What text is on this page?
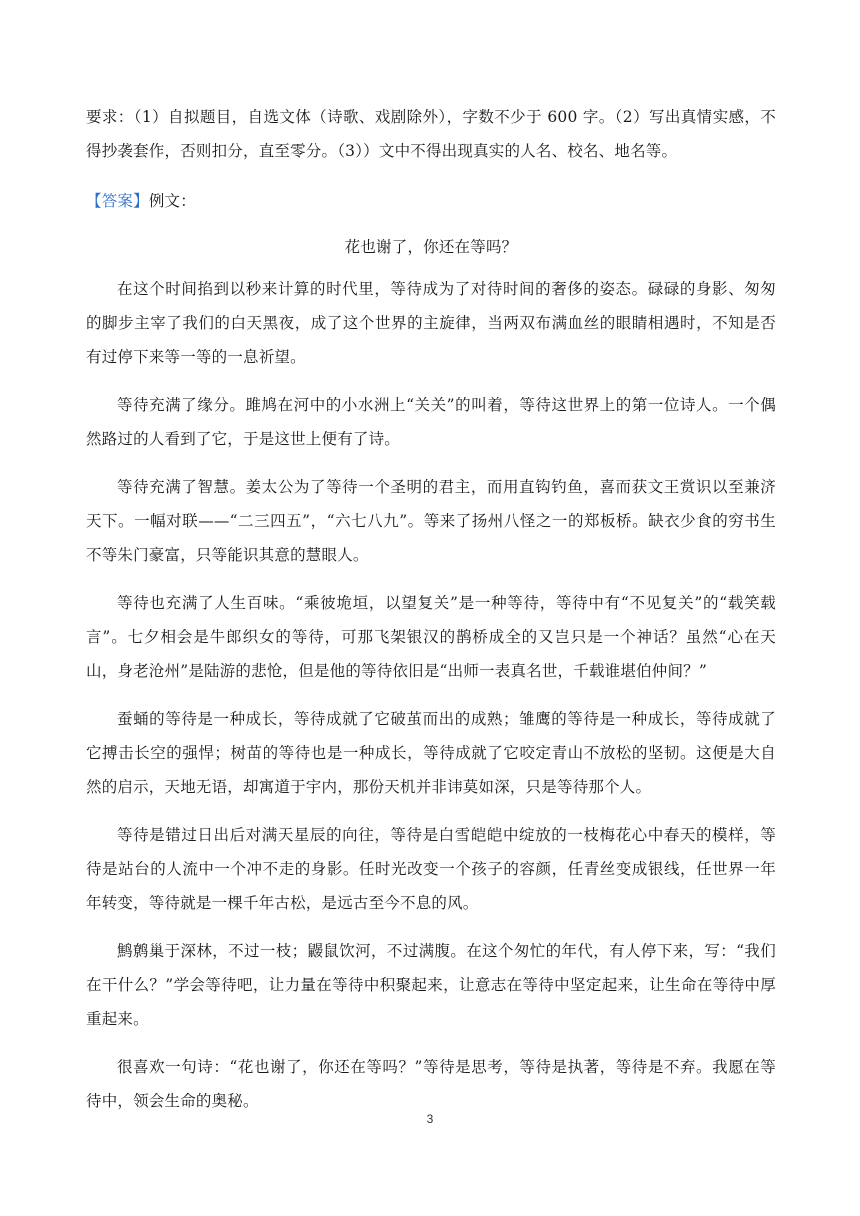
要求：（1）自拟题目，自选文体（诗歌、戏剧除外），字数不少于 600 字。（2）写出真情实感，不得抄袭套作，否则扣分，直至零分。（3））文中不得出现真实的人名、校名、地名等。

【答案】例文：

花也谢了，你还在等吗？

在这个时间掐到以秒来计算的时代里，等待成为了对待时间的奢侈的姿态。碌碌的身影、匆匆的脚步主宰了我们的白天黑夜，成了这个世界的主旋律，当两双布满血丝的眼睛相遇时，不知是否有过停下来等一等的一息祈望。

等待充满了缘分。雎鸠在河中的小水洲上“关关”的叫着，等待这世界上的第一位诗人。一个偶然路过的人看到了它，于是这世上便有了诗。

等待充满了智慧。姜太公为了等待一个圣明的君主，而用直钩钓鱼，喜而获文王赏识以至兼济天下。一幅对联——“二三四五”，“六七八九”。等来了扬州八怪之一的郑板桥。缺衣少食的穷书生不等朱门豪富，只等能识其意的慧眼人。

等待也充满了人生百味。“乘彼垝垣，以望复关”是一种等待，等待中有“不见复关”的“载笑载言”。七夕相会是牛郎织女的等待，可那飞架银汉的鹊桥成全的又岂只是一个神话？虽然“心在天山，身老沧州”是陆游的悲怆，但是他的等待依旧是“出师一表真名世，千载谁堪伯仲间？”

蚕蛹的等待是一种成长，等待成就了它破茧而出的成熟；雏鹰的等待是一种成长，等待成就了它搏击长空的强悍；树苗的等待也是一种成长，等待成就了它咬定青山不放松的坚韧。这便是大自然的启示，天地无语，却寓道于宇内，那份天机并非讳莫如深，只是等待那个人。

等待是错过日出后对满天星辰的向往，等待是白雪皑皑中绽放的一枝梅花心中春天的模样，等待是站台的人流中一个冲不走的身影。任时光改变一个孩子的容颜，任青丝变成银线，任世界一年年转变，等待就是一棵千年古松，是远古至今不息的风。

鹪鹩巢于深林，不过一枝；鼹鼠饮河，不过满腹。在这个匆忙的年代，有人停下来，写：“我们在干什么？”学会等待吧，让力量在等待中积聚起来，让意志在等待中坚定起来，让生命在等待中厚重起来。

很喜欢一句诗：“花也谢了，你还在等吗？”等待是思考，等待是执著，等待是不弃。我愿在等待中，领会生命的奥秘。

3
